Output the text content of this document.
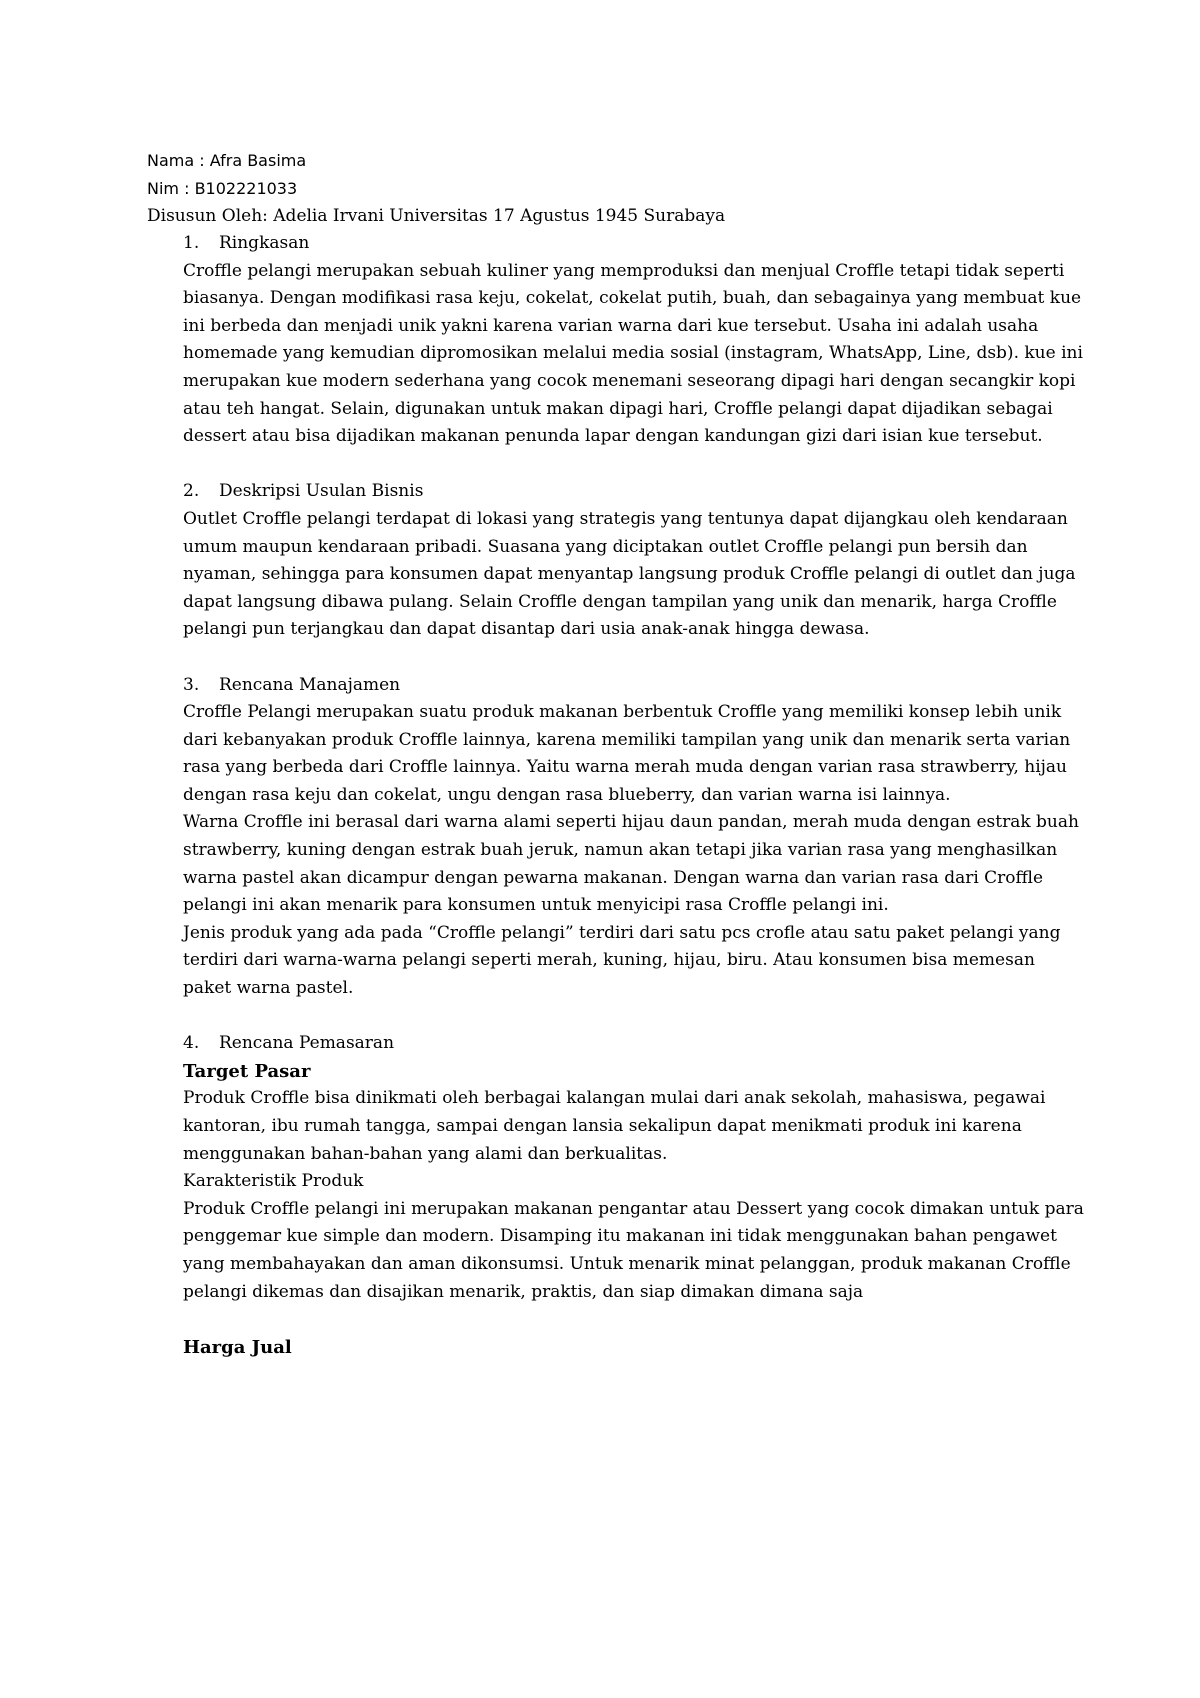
Nama : Afra Basima

Nim : B102221033

Disusun Oleh: Adelia Irvani Universitas 17 Agustus 1945 Surabaya

1. Ringkasan

Croffle pelangi merupakan sebuah kuliner yang memproduksi dan menjual Croffle tetapi tidak seperti biasanya. Dengan modifikasi rasa keju, cokelat, cokelat putih, buah, dan sebagainya yang membuat kue ini berbeda dan menjadi unik yakni karena varian warna dari kue tersebut. Usaha ini adalah usaha homemade yang kemudian dipromosikan melalui media sosial (instagram, WhatsApp, Line, dsb). kue ini merupakan kue modern sederhana yang cocok menemani seseorang dipagi hari dengan secangkir kopi atau teh hangat. Selain, digunakan untuk makan dipagi hari, Croffle pelangi dapat dijadikan sebagai dessert atau bisa dijadikan makanan penunda lapar dengan kandungan gizi dari isian kue tersebut.

2. Deskripsi Usulan Bisnis

Outlet Croffle pelangi terdapat di lokasi yang strategis yang tentunya dapat dijangkau oleh kendaraan umum maupun kendaraan pribadi. Suasana yang diciptakan outlet Croffle pelangi pun bersih dan nyaman, sehingga para konsumen dapat menyantap langsung produk Croffle pelangi di outlet dan juga dapat langsung dibawa pulang. Selain Croffle dengan tampilan yang unik dan menarik, harga Croffle pelangi pun terjangkau dan dapat disantap dari usia anak-anak hingga dewasa.

3. Rencana Manajamen

Croffle Pelangi merupakan suatu produk makanan berbentuk Croffle yang memiliki konsep lebih unik dari kebanyakan produk Croffle lainnya, karena memiliki tampilan yang unik dan menarik serta varian rasa yang berbeda dari Croffle lainnya. Yaitu warna merah muda dengan varian rasa strawberry, hijau dengan rasa keju dan cokelat, ungu dengan rasa blueberry, dan varian warna isi lainnya.

Warna Croffle ini berasal dari warna alami seperti hijau daun pandan, merah muda dengan estrak buah strawberry, kuning dengan estrak buah jeruk, namun akan tetapi jika varian rasa yang menghasilkan warna pastel akan dicampur dengan pewarna makanan. Dengan warna dan varian rasa dari Croffle pelangi ini akan menarik para konsumen untuk menyicipi rasa Croffle pelangi ini.

Jenis produk yang ada pada “Croffle pelangi” terdiri dari satu pcs crofle atau satu paket pelangi yang terdiri dari warna-warna pelangi seperti merah, kuning, hijau, biru. Atau konsumen bisa memesan paket warna pastel.

4. Rencana Pemasaran

Target Pasar

Produk Croffle bisa dinikmati oleh berbagai kalangan mulai dari anak sekolah, mahasiswa, pegawai kantoran, ibu rumah tangga, sampai dengan lansia sekalipun dapat menikmati produk ini karena menggunakan bahan-bahan yang alami dan berkualitas.

Karakteristik Produk

Produk Croffle pelangi ini merupakan makanan pengantar atau Dessert yang cocok dimakan untuk para penggemar kue simple dan modern. Disamping itu makanan ini tidak menggunakan bahan pengawet yang membahayakan dan aman dikonsumsi. Untuk menarik minat pelanggan, produk makanan Croffle pelangi dikemas dan disajikan menarik, praktis, dan siap dimakan dimana saja

Harga Jual
